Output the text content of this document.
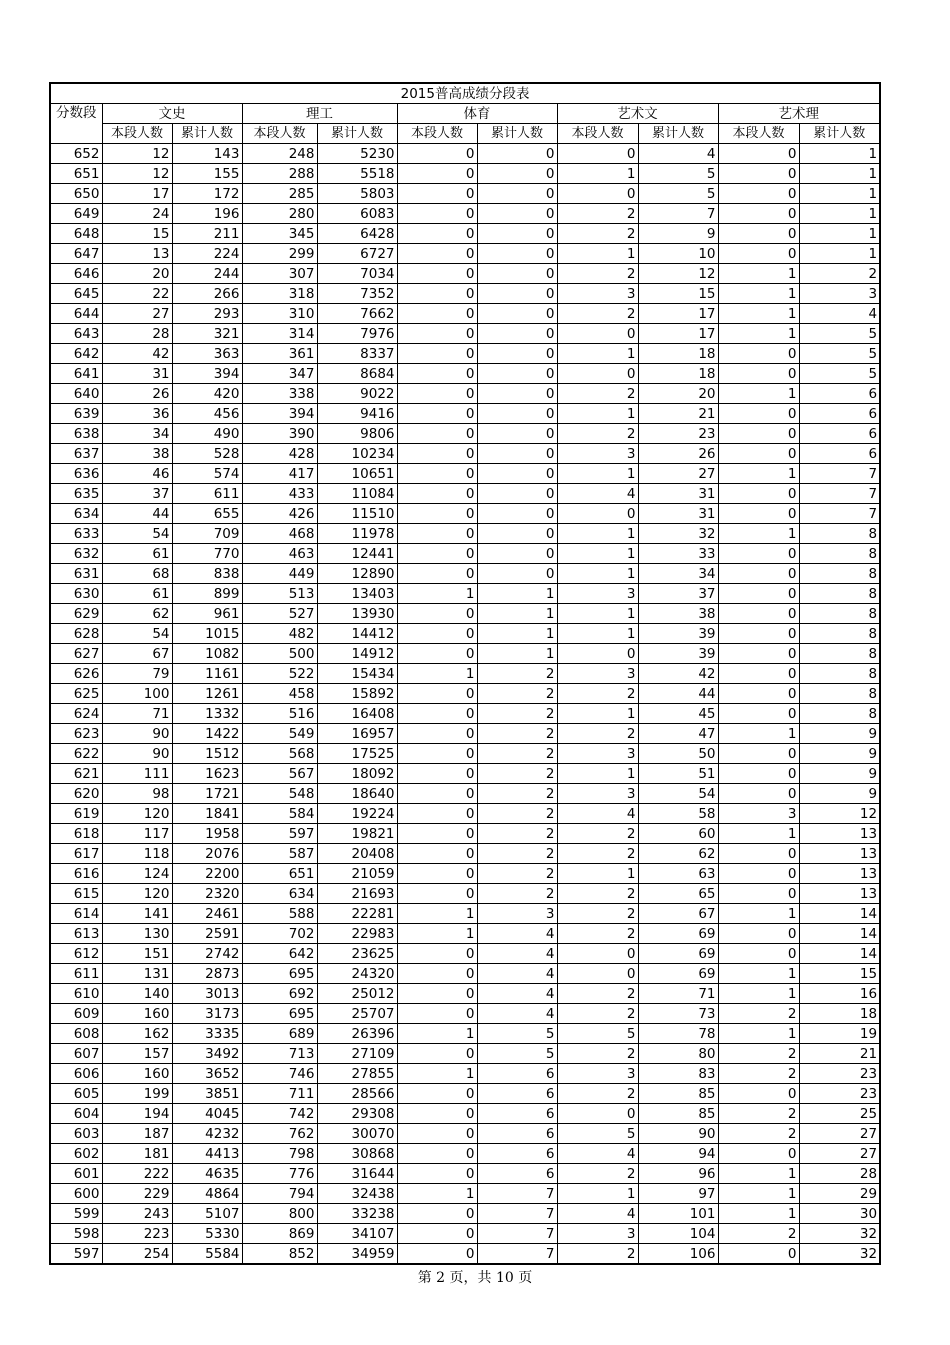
2015普高成绩分段表										
分数段	文史		理工		体育		艺术文		艺术理	
	本段人数	累计人数	本段人数	累计人数	本段人数	累计人数	本段人数	累计人数	本段人数	累计人数
652	12	143	248	5230	0	0	0	4	0	1
651	12	155	288	5518	0	0	1	5	0	1
650	17	172	285	5803	0	0	0	5	0	1
649	24	196	280	6083	0	0	2	7	0	1
648	15	211	345	6428	0	0	2	9	0	1
647	13	224	299	6727	0	0	1	10	0	1
646	20	244	307	7034	0	0	2	12	1	2
645	22	266	318	7352	0	0	3	15	1	3
644	27	293	310	7662	0	0	2	17	1	4
643	28	321	314	7976	0	0	0	17	1	5
642	42	363	361	8337	0	0	1	18	0	5
641	31	394	347	8684	0	0	0	18	0	5
640	26	420	338	9022	0	0	2	20	1	6
639	36	456	394	9416	0	0	1	21	0	6
638	34	490	390	9806	0	0	2	23	0	6
637	38	528	428	10234	0	0	3	26	0	6
636	46	574	417	10651	0	0	1	27	1	7
635	37	611	433	11084	0	0	4	31	0	7
634	44	655	426	11510	0	0	0	31	0	7
633	54	709	468	11978	0	0	1	32	1	8
632	61	770	463	12441	0	0	1	33	0	8
631	68	838	449	12890	0	0	1	34	0	8
630	61	899	513	13403	1	1	3	37	0	8
629	62	961	527	13930	0	1	1	38	0	8
628	54	1015	482	14412	0	1	1	39	0	8
627	67	1082	500	14912	0	1	0	39	0	8
626	79	1161	522	15434	1	2	3	42	0	8
625	100	1261	458	15892	0	2	2	44	0	8
624	71	1332	516	16408	0	2	1	45	0	8
623	90	1422	549	16957	0	2	2	47	1	9
622	90	1512	568	17525	0	2	3	50	0	9
621	111	1623	567	18092	0	2	1	51	0	9
620	98	1721	548	18640	0	2	3	54	0	9
619	120	1841	584	19224	0	2	4	58	3	12
618	117	1958	597	19821	0	2	2	60	1	13
617	118	2076	587	20408	0	2	2	62	0	13
616	124	2200	651	21059	0	2	1	63	0	13
615	120	2320	634	21693	0	2	2	65	0	13
614	141	2461	588	22281	1	3	2	67	1	14
613	130	2591	702	22983	1	4	2	69	0	14
612	151	2742	642	23625	0	4	0	69	0	14
611	131	2873	695	24320	0	4	0	69	1	15
610	140	3013	692	25012	0	4	2	71	1	16
609	160	3173	695	25707	0	4	2	73	2	18
608	162	3335	689	26396	1	5	5	78	1	19
607	157	3492	713	27109	0	5	2	80	2	21
606	160	3652	746	27855	1	6	3	83	2	23
605	199	3851	711	28566	0	6	2	85	0	23
604	194	4045	742	29308	0	6	0	85	2	25
603	187	4232	762	30070	0	6	5	90	2	27
602	181	4413	798	30868	0	6	4	94	0	27
601	222	4635	776	31644	0	6	2	96	1	28
600	229	4864	794	32438	1	7	1	97	1	29
599	243	5107	800	33238	0	7	4	101	1	30
598	223	5330	869	34107	0	7	3	104	2	32
597	254	5584	852	34959	0	7	2	106	0	32
第 2 页，共 10 页
